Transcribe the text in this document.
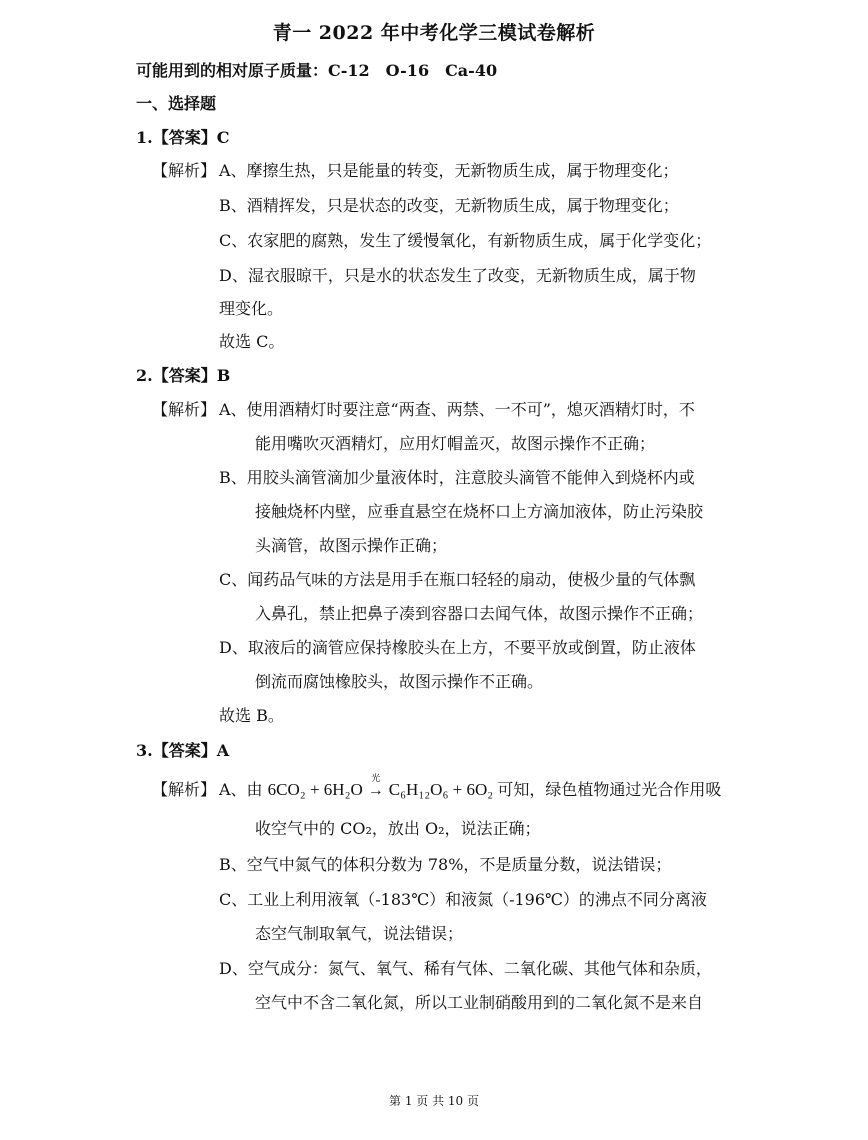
青一 2022 年中考化学三模试卷解析
可能用到的相对原子质量：C-12　O-16　Ca-40
一、选择题
1.【答案】C
【解析】 A、摩擦生热，只是能量的转变，无新物质生成，属于物理变化；
B、酒精挥发，只是状态的改变，无新物质生成，属于物理变化；
C、农家肥的腐熟，发生了缓慢氧化，有新物质生成，属于化学变化；
D、湿衣服晾干，只是水的状态发生了改变，无新物质生成，属于物
理变化。
故选 C。
2.【答案】B
【解析】 A、使用酒精灯时要注意“两查、两禁、一不可”，熄灭酒精灯时，不
能用嘴吹灭酒精灯，应用灯帽盖灭，故图示操作不正确；
B、用胶头滴管滴加少量液体时，注意胶头滴管不能伸入到烧杯内或
接触烧杯内壁，应垂直悬空在烧杯口上方滴加液体，防止污染胶
头滴管，故图示操作正确；
C、闻药品气味的方法是用手在瓶口轻轻的扇动，使极少量的气体飘
入鼻孔，禁止把鼻子凑到容器口去闻气体，故图示操作不正确；
D、取液后的滴管应保持橡胶头在上方，不要平放或倒置，防止液体
倒流而腐蚀橡胶头，故图示操作不正确。
故选 B。
3.【答案】A
【解析】 A、由 6CO₂ + 6H₂O
光
→ C₆H₁₂O₆ + 6O₂ 可知，绿色植物通过光合作用吸
收空气中的 CO₂，放出 O₂，说法正确；
B、空气中氮气的体积分数为 78%，不是质量分数，说法错误；
C、工业上利用液氧（-183℃）和液氮（-196℃）的沸点不同分离液
态空气制取氧气，说法错误；
D、空气成分：氮气、氧气、稀有气体、二氧化碳、其他气体和杂质，
空气中不含二氧化氮，所以工业制硝酸用到的二氧化氮不是来自
第 1 页 共 10 页
